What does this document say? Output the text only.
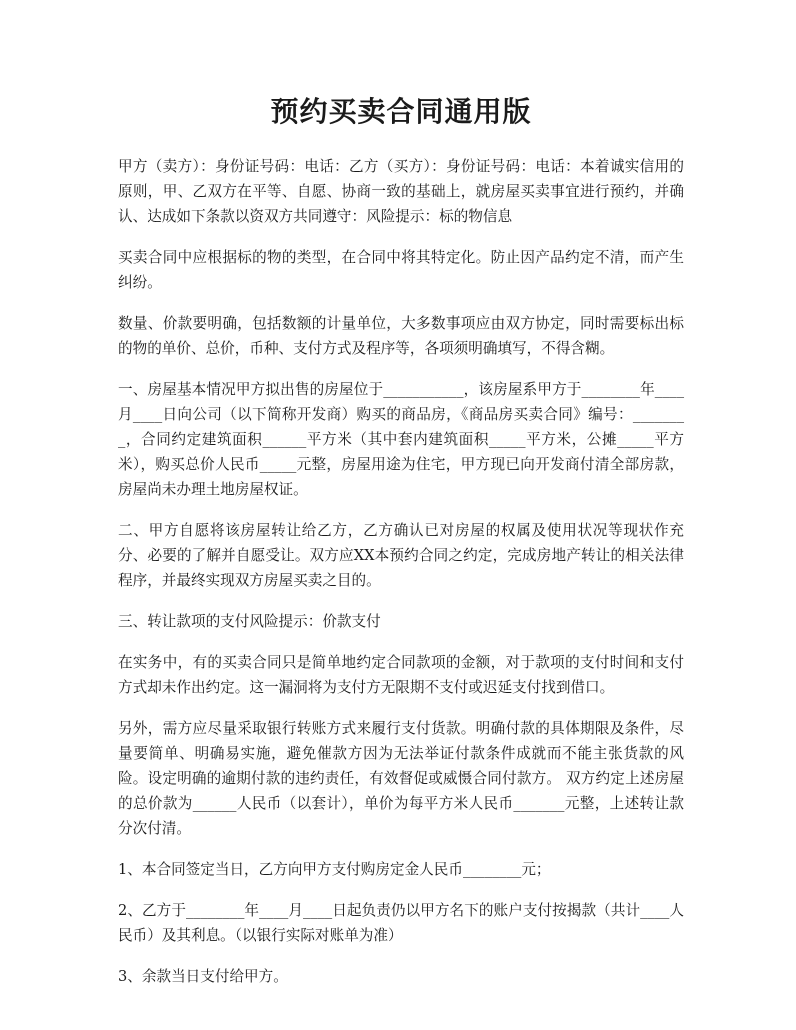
预约买卖合同通用版

甲方（卖方）：身份证号码：电话：乙方（买方）：身份证号码：电话：本着诚实信用的原则，甲、乙双方在平等、自愿、协商一致的基础上，就房屋买卖事宜进行预约，并确认、达成如下条款以资双方共同遵守：风险提示：标的物信息

买卖合同中应根据标的物的类型，在合同中将其特定化。防止因产品约定不清，而产生纠纷。

数量、价款要明确，包括数额的计量单位，大多数事项应由双方协定，同时需要标出标的物的单价、总价，币种、支付方式及程序等，各项须明确填写，不得含糊。

一、房屋基本情况甲方拟出售的房屋位于___________，该房屋系甲方于________年____月____日向公司（以下简称开发商）购买的商品房，《商品房买卖合同》编号：________，合同约定建筑面积______平方米（其中套内建筑面积_____平方米，公摊_____平方米），购买总价人民币_____元整，房屋用途为住宅，甲方现已向开发商付清全部房款，房屋尚未办理土地房屋权证。

二、甲方自愿将该房屋转让给乙方，乙方确认已对房屋的权属及使用状况等现状作充分、必要的了解并自愿受让。双方应XX本预约合同之约定，完成房地产转让的相关法律程序，并最终实现双方房屋买卖之目的。

三、转让款项的支付风险提示：价款支付

在实务中，有的买卖合同只是简单地约定合同款项的金额，对于款项的支付时间和支付方式却未作出约定。这一漏洞将为支付方无限期不支付或迟延支付找到借口。

另外，需方应尽量采取银行转账方式来履行支付货款。明确付款的具体期限及条件，尽量要简单、明确易实施，避免催款方因为无法举证付款条件成就而不能主张货款的风险。设定明确的逾期付款的违约责任，有效督促或威慑合同付款方。 双方约定上述房屋的总价款为______人民币（以套计），单价为每平方米人民币_______元整，上述转让款分次付清。

1、本合同签定当日，乙方向甲方支付购房定金人民币________元；

2、乙方于________年____月____日起负责仍以甲方名下的账户支付按揭款（共计____人民币）及其利息。（以银行实际对账单为准）

3、余款当日支付给甲方。
